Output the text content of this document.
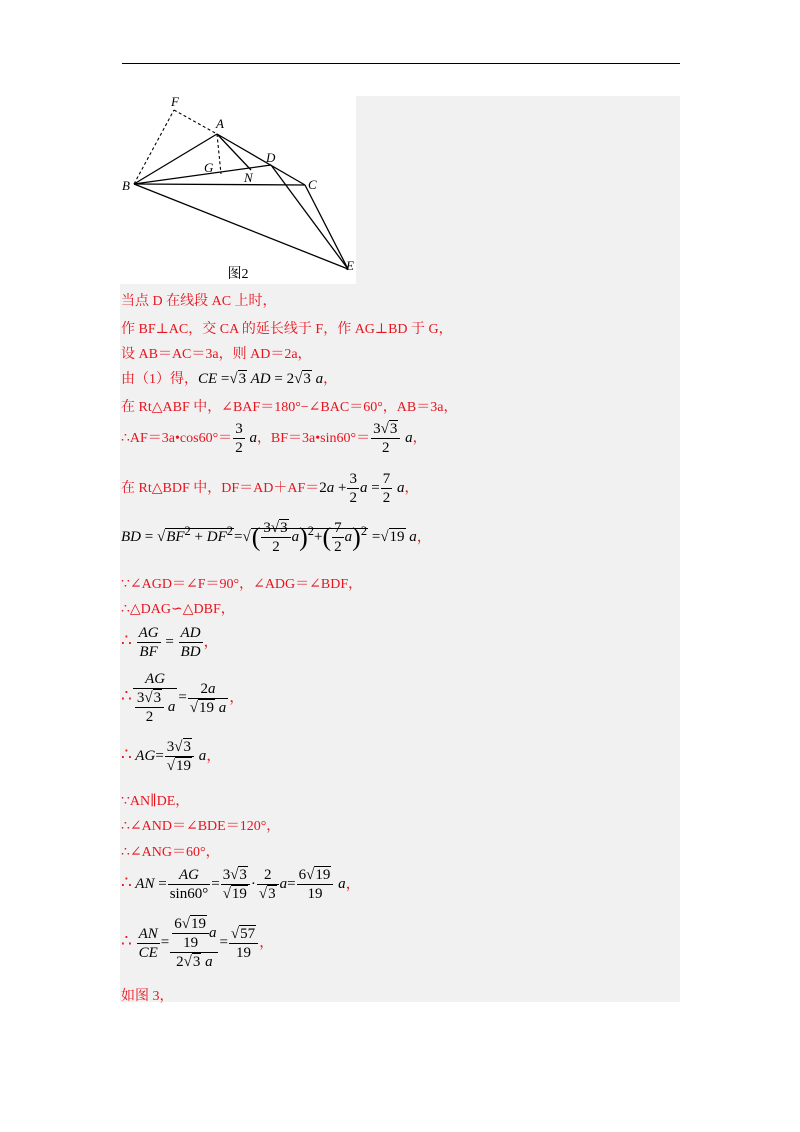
F
A
G
D
N
B	C
E
图2
当点 D 在线段 AC 上时，
作 BF⊥AC，交 CA 的延长线于 F，作 AG⊥BD 于 G，
设 AB＝AC＝3a，则 AD＝2a，
由（1）得，CE =√3 AD = 2√3 a，
在 Rt△ABF 中，∠BAF＝180°−∠BAC＝60°，AB＝3a，
∴AF＝3a•cos60°＝ $\frac{3}{2}$ a，BF＝3a•sin60°＝ $\frac{3√3}{2}$ a，
在 Rt△BDF 中，$DF=AD+AF=2a + \frac{3}{2}$ $a = \frac{7}{2}$ a，
BD = $√BF^2 + DF^2=√( \frac{3√3}{2} a)^2+( \frac{7}{2} a)^2 =√19$ a，
∵∠AGD＝∠F＝90°，∠ADG＝∠BDF，
∴△DAG∽△DBF，
∴ $\frac{AG}{BF} = \frac{AD}{BD}$ ，
∴ $\frac{AG}{\frac{3√3}{2} a} = \frac{2a}{√19 a}$ ，
∴ $AG= \frac{3√3}{√19}$ a，
∵AN∥DE，
∴∠AND＝∠BDE＝120°，
∴∠ANG＝60°，
∴ AN = $\frac{AG}{\sin 60^\circ} = \frac{3√3}{√19} \cdot \frac{2}{√3} a= \frac{6√19}{19}$ a，
∴ $\frac{AN}{CE} = \frac{\frac{6√19}{19} a}{2√3 a} = \frac{√57}{19}$ ，
如图 3，
